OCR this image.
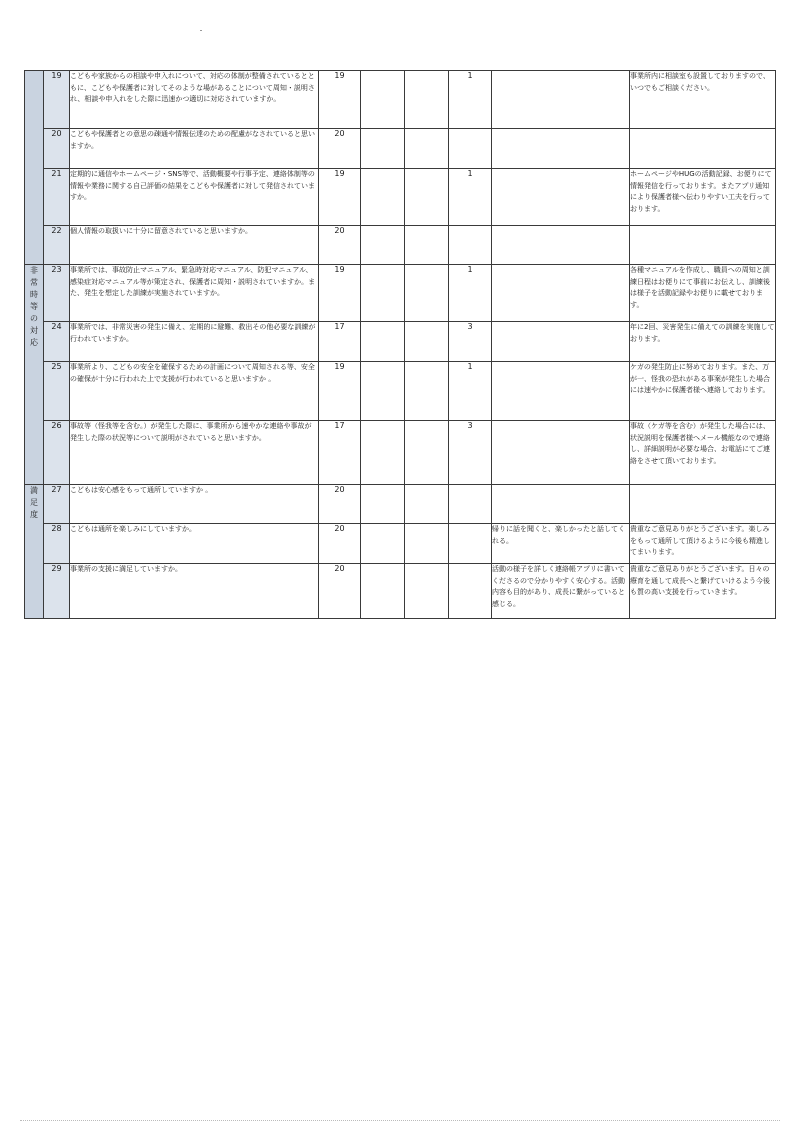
	19	こどもや家族からの相談や申入れについて、対応の体制が整備されているとともに、こどもや保護者に対してそのような場があることについて周知・説明され、相談や申入れをした際に迅速かつ適切に対応されていますか。	19			1		事業所内に相談室も設置しておりますので、いつでもご相談ください。
	20	こどもや保護者との意思の疎通や情報伝達のための配慮がなされていると思いますか。	20					
	21	定期的に通信やホームページ・SNS等で、活動概要や行事予定、連絡体制等の情報や業務に関する自己評価の結果をこどもや保護者に対して発信されていますか。	19			1		ホームページやHUGの活動記録、お便りにて情報発信を行っております。またアプリ通知により保護者様へ伝わりやすい工夫を行っております。
	22	個人情報の取扱いに十分に留意されていると思いますか。	20					
非常時等の対応	23	事業所では、事故防止マニュアル、緊急時対応マニュアル、防犯マニュアル、感染症対応マニュアル等が策定され、保護者に周知・説明されていますか。また、発生を想定した訓練が実施されていますか。	19			1		各種マニュアルを作成し、職員への周知と訓練日程はお便りにて事前にお伝えし、訓練後は様子を活動記録やお便りに載せております。
	24	事業所では、非常災害の発生に備え、定期的に避難、救出その他必要な訓練が行われていますか。	17			3		年に2回、災害発生に備えての訓練を実施しております。
	25	事業所より、こどもの安全を確保するための計画について周知される等、安全の確保が十分に行われた上で支援が行われていると思いますか 。	19			1		ケガの発生防止に努めております。また、万が一、怪我の恐れがある事案が発生した場合には速やかに保護者様へ連絡しております。
	26	事故等（怪我等を含む。）が発生した際に、事業所から速やかな連絡や事故が発生した際の状況等について説明がされていると思いますか。	17			3		事故（ケガ等を含む）が発生した場合には、状況説明を保護者様へメール機能なので連絡し、詳細説明が必要な場合、お電話にてご連絡をさせて頂いております。
満足度	27	こどもは安心感をもって通所していますか 。	20					
	28	こどもは通所を楽しみにしていますか。	20				帰りに話を聞くと、楽しかったと話してくれる。	貴重なご意見ありがとうございます。楽しみをもって通所して頂けるように今後も精進してまいります。
	29	事業所の支援に満足していますか。	20				活動の様子を詳しく連絡帳アプリに書いてくださるので分かりやすく安心する。活動内容も目的があり、成長に繋がっていると感じる。	貴重なご意見ありがとうございます。日々の療育を通して成長へと繋げていけるよう今後も質の高い支援を行っていきます。
